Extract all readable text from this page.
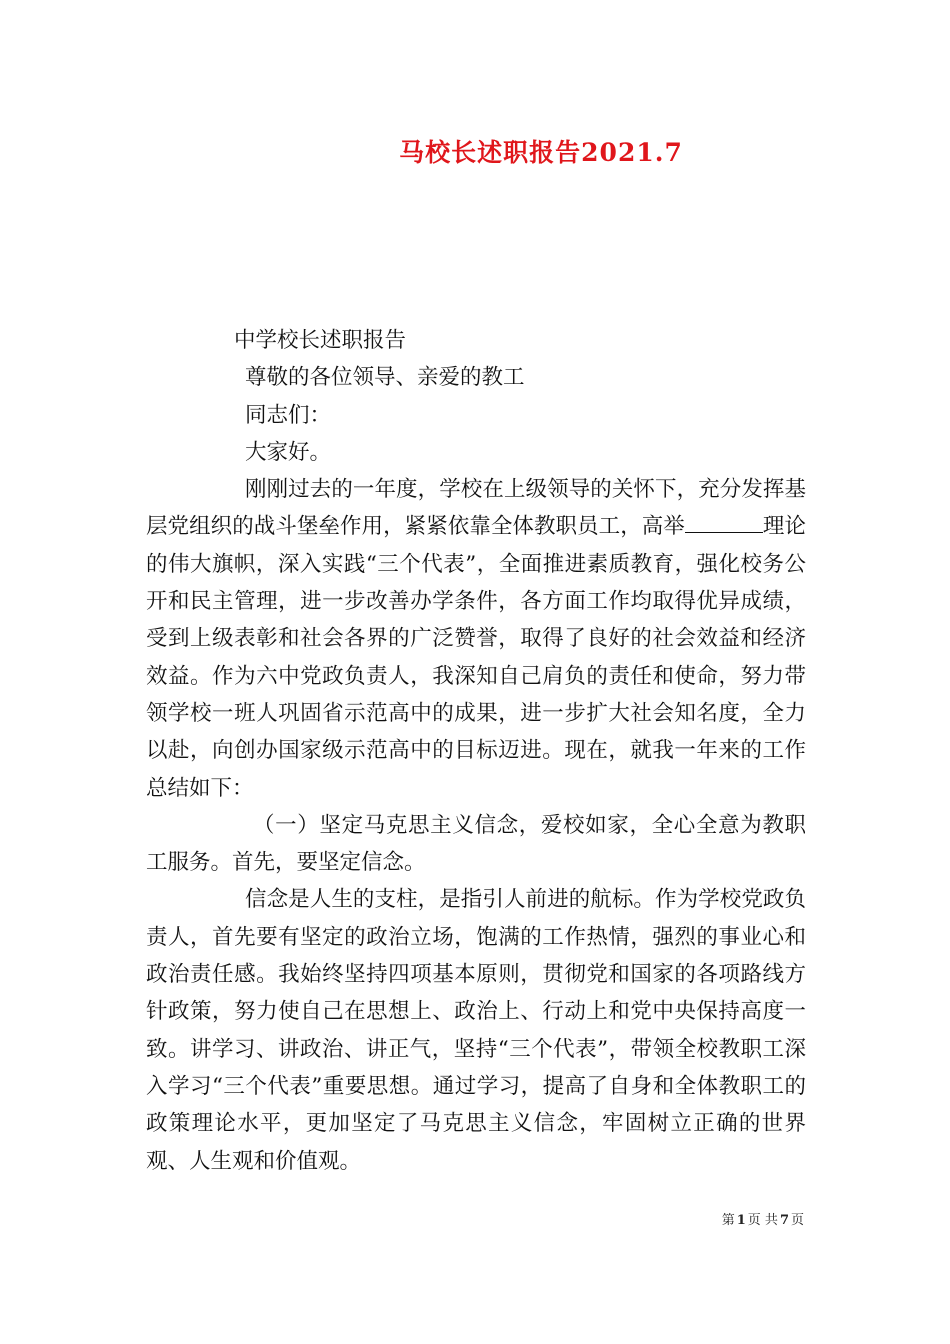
马校长述职报告2021.7

中学校长述职报告

尊敬的各位领导、亲爱的教工

同志们：

大家好。

刚刚过去的一年度，学校在上级领导的关怀下，充分发挥基层党组织的战斗堡垒作用，紧紧依靠全体教职员工，高举	理论的伟大旗帜，深入实践“三个代表”，全面推进素质教育，强化校务公开和民主管理，进一步改善办学条件，各方面工作均取得优异成绩，受到上级表彰和社会各界的广泛赞誉，取得了良好的社会效益和经济效益。作为六中党政负责人，我深知自己肩负的责任和使命，努力带领学校一班人巩固省示范高中的成果，进一步扩大社会知名度，全力以赴，向创办国家级示范高中的目标迈进。现在，就我一年来的工作总结如下：

（一）坚定马克思主义信念，爱校如家，全心全意为教职工服务。首先，要坚定信念。

信念是人生的支柱，是指引人前进的航标。作为学校党政负责人，首先要有坚定的政治立场，饱满的工作热情，强烈的事业心和政治责任感。我始终坚持四项基本原则，贯彻党和国家的各项路线方针政策，努力使自己在思想上、政治上、行动上和党中央保持高度一致。讲学习、讲政治、讲正气，坚持“三个代表”，带领全校教职工深入学习“三个代表”重要思想。通过学习，提高了自身和全体教职工的政策理论水平，更加坚定了马克思主义信念，牢固树立正确的世界观、人生观和价值观。

第 1 页 共 7 页
